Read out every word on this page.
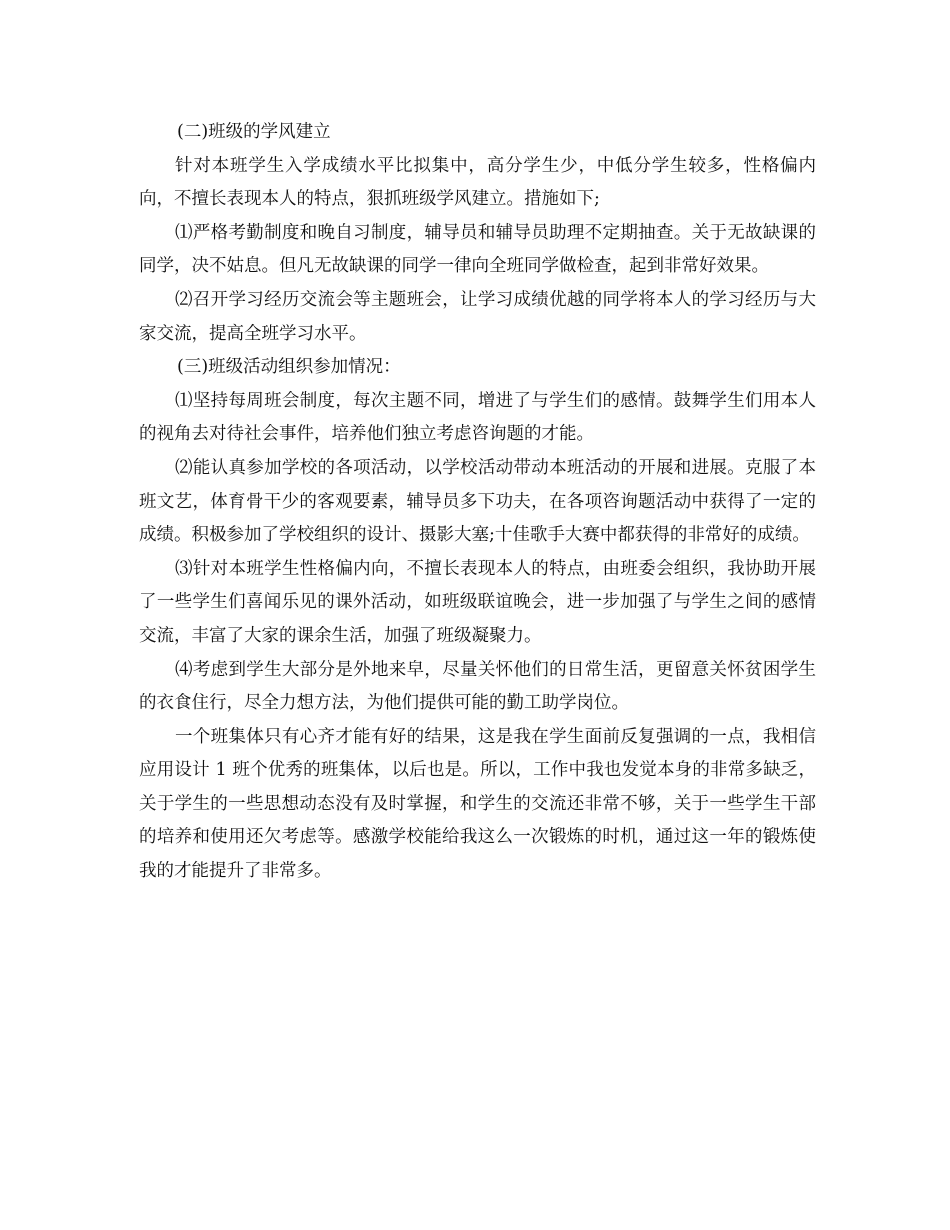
(二)班级的学风建立

针对本班学生入学成绩水平比拟集中，高分学生少，中低分学生较多，性格偏内向，不擅长表现本人的特点，狠抓班级学风建立。措施如下;

⑴严格考勤制度和晚自习制度，辅导员和辅导员助理不定期抽查。关于无故缺课的同学，决不姑息。但凡无故缺课的同学一律向全班同学做检查，起到非常好效果。

⑵召开学习经历交流会等主题班会，让学习成绩优越的同学将本人的学习经历与大家交流，提高全班学习水平。

(三)班级活动组织参加情况：

⑴坚持每周班会制度，每次主题不同，增进了与学生们的感情。鼓舞学生们用本人的视角去对待社会事件，培养他们独立考虑咨询题的才能。

⑵能认真参加学校的各项活动，以学校活动带动本班活动的开展和进展。克服了本班文艺，体育骨干少的客观要素，辅导员多下功夫，在各项咨询题活动中获得了一定的成绩。积极参加了学校组织的设计、摄影大塞;十佳歌手大赛中都获得的非常好的成绩。

⑶针对本班学生性格偏内向，不擅长表现本人的特点，由班委会组织，我协助开展了一些学生们喜闻乐见的课外活动，如班级联谊晚会，进一步加强了与学生之间的感情交流，丰富了大家的课余生活，加强了班级凝聚力。

⑷考虑到学生大部分是外地来皁，尽量关怀他们的日常生活，更留意关怀贫困学生的衣食住行，尽全力想方法，为他们提供可能的勤工助学岗位。

一个班集体只有心齐才能有好的结果，这是我在学生面前反复强调的一点，我相信应用设计 1 班个优秀的班集体，以后也是。所以，工作中我也发觉本身的非常多缺乏，关于学生的一些思想动态没有及时掌握，和学生的交流还非常不够，关于一些学生干部的培养和使用还欠考虑等。感激学校能给我这么一次锻炼的时机，通过这一年的锻炼使我的才能提升了非常多。
